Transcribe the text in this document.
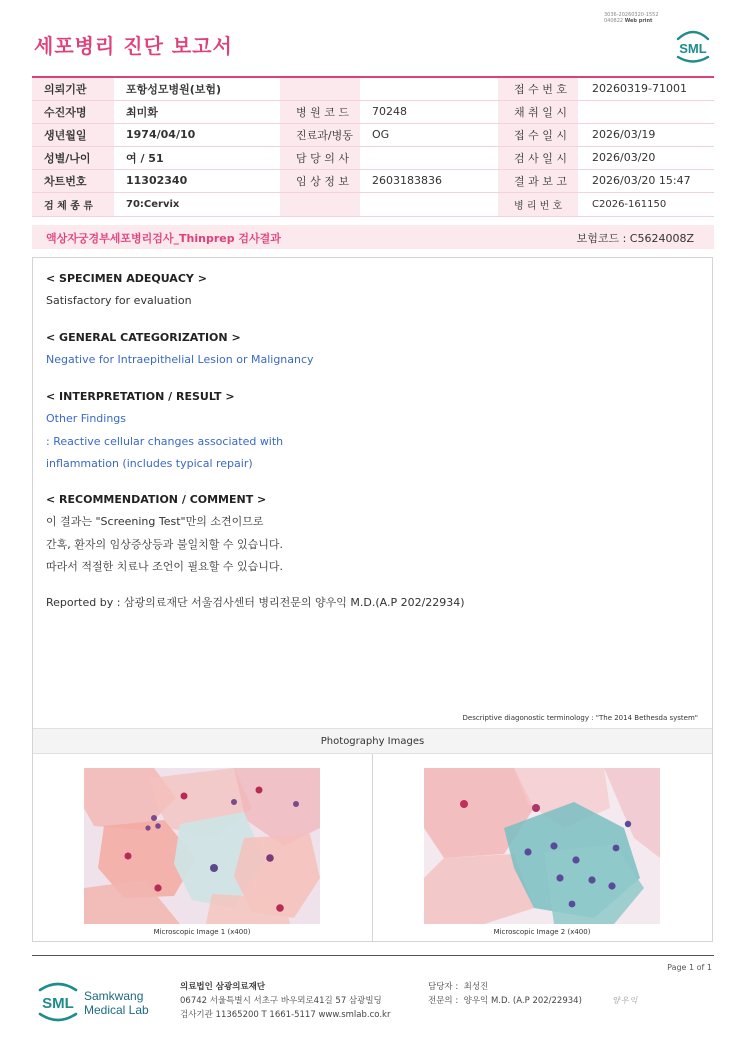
3036-20260320-1552
040822 Web print
세포병리 진단 보고서	SML
의뢰기관	포항성모병원(보험)			접 수 번 호	20260319-71001
수진자명	최미화	병 원 코 드	70248	채 취 일 시	
생년월일	1974/04/10	진료과/병동	OG	접 수 일 시	2026/03/19
성별/나이	여 / 51	담 당 의 사		검 사 일 시	2026/03/20
차트번호	11302340	임 상 정 보	2603183836	결 과 보 고	2026/03/20 15:47
검 체 종 류	70:Cervix			병 리 번 호	C2026-161150
액상자궁경부세포병리검사_Thinprep 검사결과	보험코드 : C5624008Z

< SPECIMEN ADEQUACY >

Satisfactory for evaluation

< GENERAL CATEGORIZATION >

Negative for Intraepithelial Lesion or Malignancy

< INTERPRETATION / RESULT >

Other Findings

: Reactive cellular changes associated with

inflammation (includes typical repair)

< RECOMMENDATION / COMMENT >

이 결과는 "Screening Test"만의 소견이므로

간혹, 환자의 임상증상등과 불일치할 수 있습니다.

따라서 적절한 치료나 조언이 필요할 수 있습니다.

Reported by : 삼광의료재단 서울검사센터 병리전문의 양우익 M.D.(A.P 202/22934)

Descriptive diagonostic terminology : "The 2014 Bethesda system"
Photography Images
Microscopic Image 1 (x400)	Microscopic Image 2 (x400)
Page 1 of 1
SML Samkwang
Medical Lab
의료법인 삼광의료재단
06742 서울특별시 서초구 바우뫼로41길 57 삼광빌딩
검사기관 11365200 T 1661-5117 www.smlab.co.kr
담당자 : 최성진
전문의 : 양우익 M.D. (A.P 202/22934)	양우익
